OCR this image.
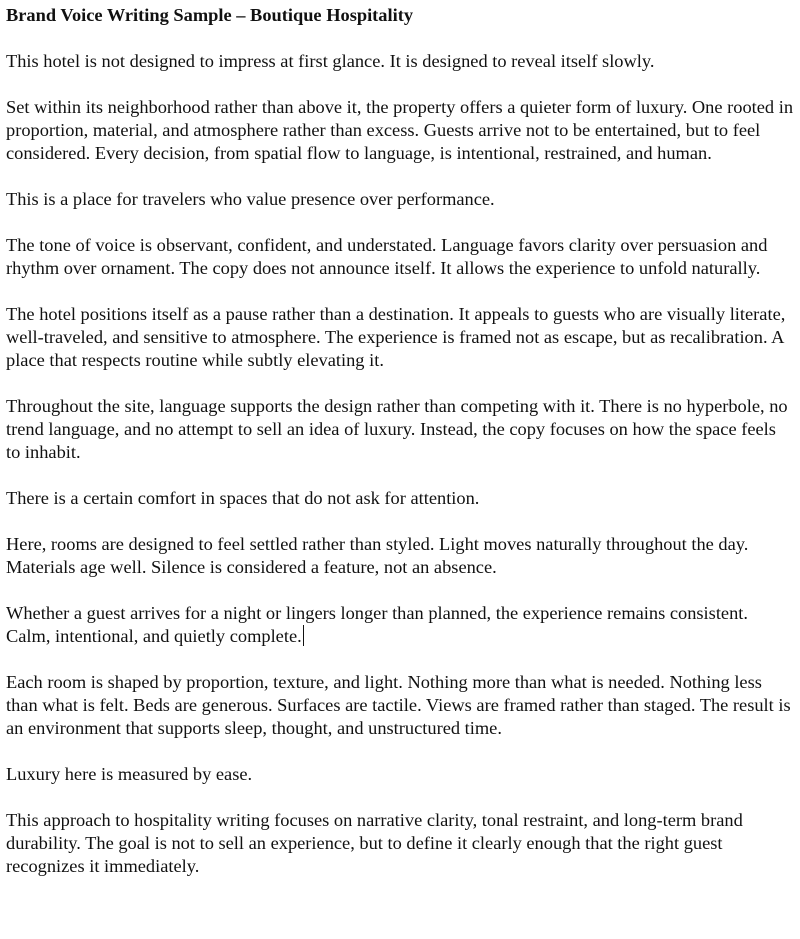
Brand Voice Writing Sample – Boutique Hospitality

This hotel is not designed to impress at first glance. It is designed to reveal itself slowly.

Set within its neighborhood rather than above it, the property offers a quieter form of luxury. One rooted in proportion, material, and atmosphere rather than excess. Guests arrive not to be entertained, but to feel considered. Every decision, from spatial flow to language, is intentional, restrained, and human.

This is a place for travelers who value presence over performance.

The tone of voice is observant, confident, and understated. Language favors clarity over persuasion and rhythm over ornament. The copy does not announce itself. It allows the experience to unfold naturally.

The hotel positions itself as a pause rather than a destination. It appeals to guests who are visually literate, well-traveled, and sensitive to atmosphere. The experience is framed not as escape, but as recalibration. A place that respects routine while subtly elevating it.

Throughout the site, language supports the design rather than competing with it. There is no hyperbole, no trend language, and no attempt to sell an idea of luxury. Instead, the copy focuses on how the space feels to inhabit.

There is a certain comfort in spaces that do not ask for attention.

Here, rooms are designed to feel settled rather than styled. Light moves naturally throughout the day. Materials age well. Silence is considered a feature, not an absence.

Whether a guest arrives for a night or lingers longer than planned, the experience remains consistent. Calm, intentional, and quietly complete.

Each room is shaped by proportion, texture, and light. Nothing more than what is needed. Nothing less than what is felt. Beds are generous. Surfaces are tactile. Views are framed rather than staged. The result is an environment that supports sleep, thought, and unstructured time.

Luxury here is measured by ease.

This approach to hospitality writing focuses on narrative clarity, tonal restraint, and long-term brand durability. The goal is not to sell an experience, but to define it clearly enough that the right guest recognizes it immediately.
